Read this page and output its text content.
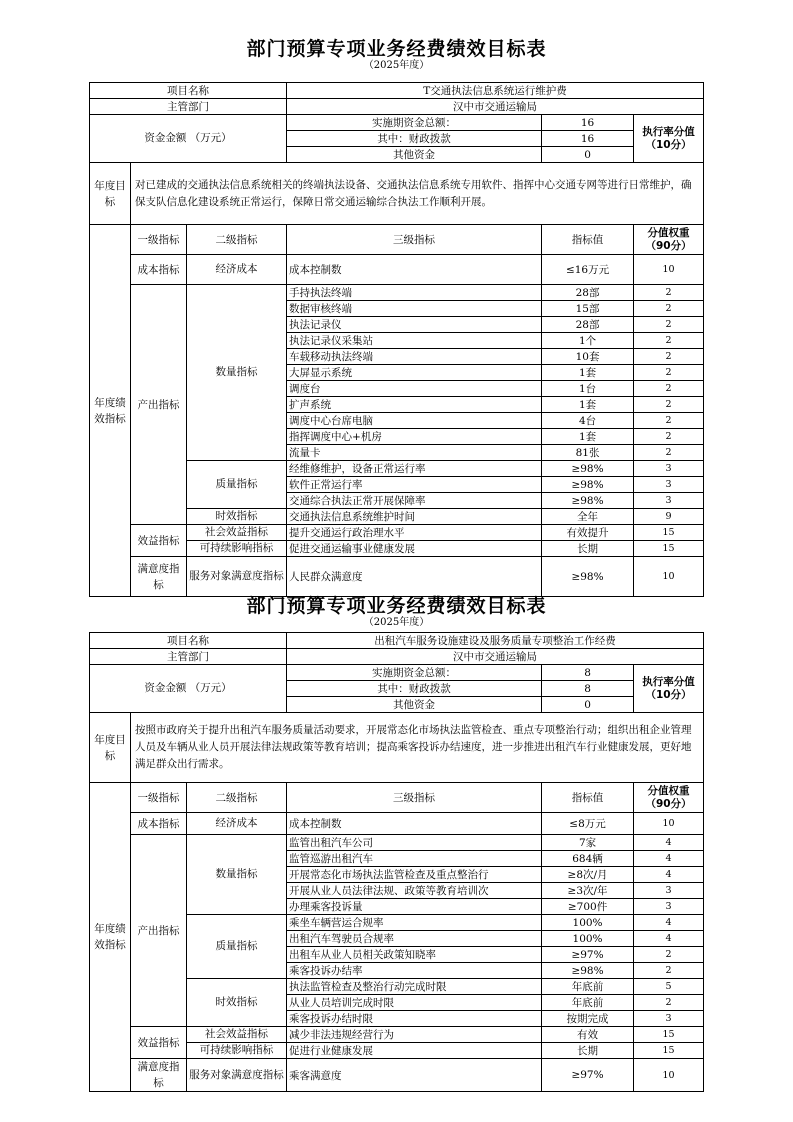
部门预算专项业务经费绩效目标表
（2025年度）
项目名称			T交通执法信息系统运行维护费		
主管部门			汉中市交通运输局		
资金金额 （万元）			实施期资金总额：	16	执行率分值 （10分）
			其中：财政拨款	16	
			其他资金	0	
年度目标	对已建成的交通执法信息系统相关的终端执法设备、交通执法信息系统专用软件、指挥中心交通专网等进行日常维护，确保支队信息化建设系统正常运行，保障日常交通运输综合执法工作顺利开展。				
年度绩效指标	一级指标	二级指标	三级指标	指标值	分值权重 （90分）
	成本指标	经济成本	成本控制数	≤16万元	10
	产出指标	数量指标	手持执法终端	28部	2
			数据审核终端	15部	2
			执法记录仪	28部	2
			执法记录仪采集站	1个	2
			车载移动执法终端	10套	2
			大屏显示系统	1套	2
			调度台	1台	2
			扩声系统	1套	2
			调度中心台席电脑	4台	2
			指挥调度中心+机房	1套	2
			流量卡	81张	2
		质量指标	经维修维护，设备正常运行率	≥98%	3
			软件正常运行率	≥98%	3
			交通综合执法正常开展保障率	≥98%	3
		时效指标	交通执法信息系统维护时间	全年	9
	效益指标	社会效益指标	提升交通运行政治理水平	有效提升	15
		可持续影响指标	促进交通运输事业健康发展	长期	15
	满意度指标	服务对象满意度指标	人民群众满意度	≥98%	10
部门预算专项业务经费绩效目标表
（2025年度）
项目名称			出租汽车服务设施建设及服务质量专项整治工作经费		
主管部门			汉中市交通运输局		
资金金额 （万元）			实施期资金总额：	8	执行率分值 （10分）
			其中：财政拨款	8	
			其他资金	0	
年度目标	按照市政府关于提升出租汽车服务质量活动要求，开展常态化市场执法监管检查、重点专项整治行动；组织出租企业管理人员及车辆从业人员开展法律法规政策等教育培训；提高乘客投诉办结速度，进一步推进出租汽车行业健康发展，更好地满足群众出行需求。				
年度绩效指标	一级指标	二级指标	三级指标	指标值	分值权重 （90分）
	成本指标	经济成本	成本控制数	≤8万元	10
	产出指标	数量指标	监管出租汽车公司	7家	4
			监管巡游出租汽车	684辆	4
			开展常态化市场执法监管检查及重点整治行	≥8次/月	4
			开展从业人员法律法规、政策等教育培训次	≥3次/年	3
			办理乘客投诉量	≥700件	3
		质量指标	乘坐车辆营运合规率	100%	4
			出租汽车驾驶员合规率	100%	4
			出租车从业人员相关政策知晓率	≥97%	2
			乘客投诉办结率	≥98%	2
		时效指标	执法监管检查及整治行动完成时限	年底前	5
			从业人员培训完成时限	年底前	2
			乘客投诉办结时限	按期完成	3
	效益指标	社会效益指标	减少非法违规经营行为	有效	15
		可持续影响指标	促进行业健康发展	长期	15
	满意度指标	服务对象满意度指标	乘客满意度	≥97%	10
